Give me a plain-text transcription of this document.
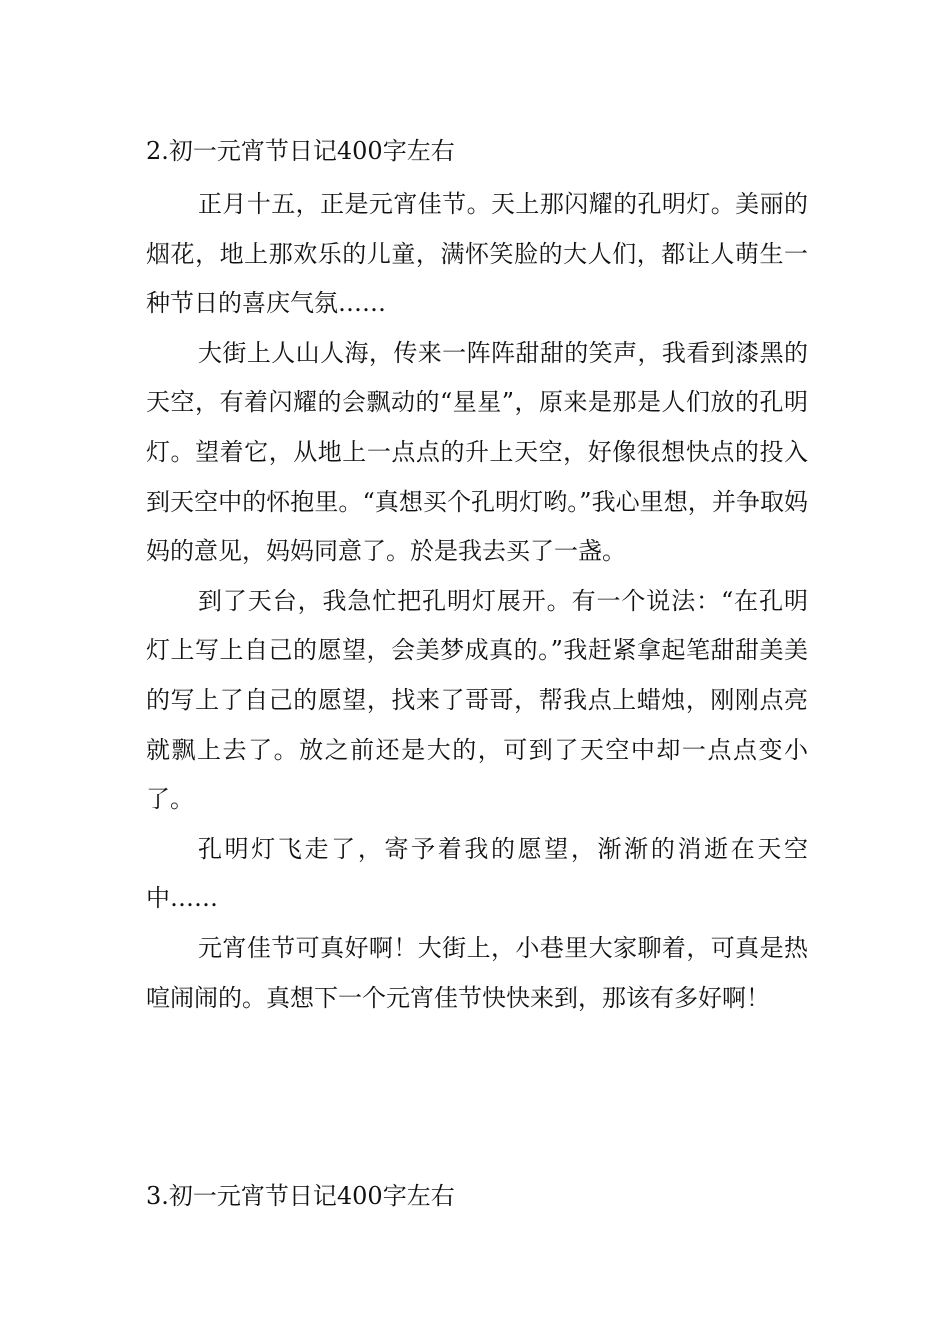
2.初一元宵节日记400字左右

正月十五，正是元宵佳节。天上那闪耀的孔明灯。美丽的烟花，地上那欢乐的儿童，满怀笑脸的大人们，都让人萌生一种节日的喜庆气氛……

大街上人山人海，传来一阵阵甜甜的笑声，我看到漆黑的天空，有着闪耀的会飘动的“星星”，原来是那是人们放的孔明灯。望着它，从地上一点点的升上天空，好像很想快点的投入到天空中的怀抱里。“真想买个孔明灯哟。”我心里想，并争取妈妈的意见，妈妈同意了。於是我去买了一盏。

到了天台，我急忙把孔明灯展开。有一个说法：“在孔明灯上写上自己的愿望，会美梦成真的。”我赶紧拿起笔甜甜美美的写上了自己的愿望，找来了哥哥，帮我点上蜡烛，刚刚点亮就飘上去了。放之前还是大的，可到了天空中却一点点变小了。

孔明灯飞走了，寄予着我的愿望，渐渐的消逝在天空中……

元宵佳节可真好啊！大街上，小巷里大家聊着，可真是热喧闹闹的。真想下一个元宵佳节快快来到，那该有多好啊！

3.初一元宵节日记400字左右
